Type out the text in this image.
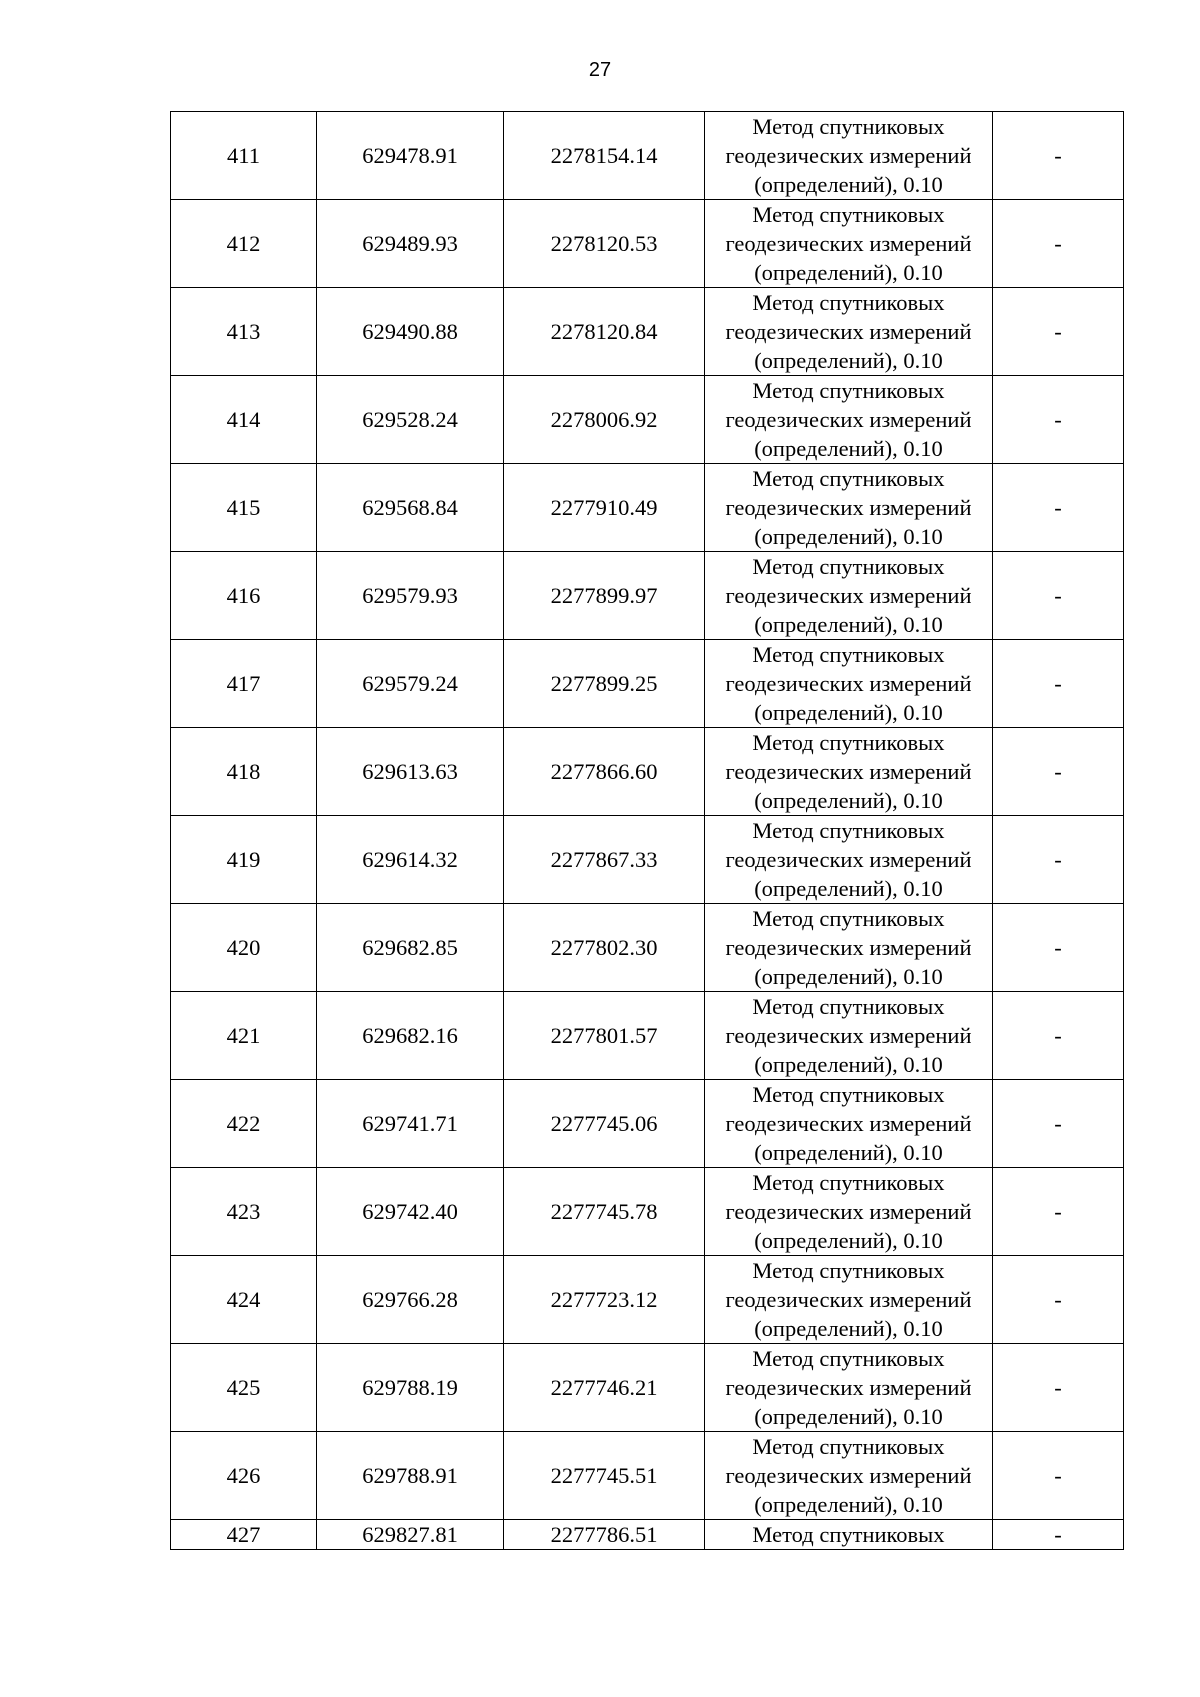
27
411	629478.91	2278154.14	Метод спутниковых
геодезических измерений
(определений), 0.10	-
412	629489.93	2278120.53	Метод спутниковых
геодезических измерений
(определений), 0.10	-
413	629490.88	2278120.84	Метод спутниковых
геодезических измерений
(определений), 0.10	-
414	629528.24	2278006.92	Метод спутниковых
геодезических измерений
(определений), 0.10	-
415	629568.84	2277910.49	Метод спутниковых
геодезических измерений
(определений), 0.10	-
416	629579.93	2277899.97	Метод спутниковых
геодезических измерений
(определений), 0.10	-
417	629579.24	2277899.25	Метод спутниковых
геодезических измерений
(определений), 0.10	-
418	629613.63	2277866.60	Метод спутниковых
геодезических измерений
(определений), 0.10	-
419	629614.32	2277867.33	Метод спутниковых
геодезических измерений
(определений), 0.10	-
420	629682.85	2277802.30	Метод спутниковых
геодезических измерений
(определений), 0.10	-
421	629682.16	2277801.57	Метод спутниковых
геодезических измерений
(определений), 0.10	-
422	629741.71	2277745.06	Метод спутниковых
геодезических измерений
(определений), 0.10	-
423	629742.40	2277745.78	Метод спутниковых
геодезических измерений
(определений), 0.10	-
424	629766.28	2277723.12	Метод спутниковых
геодезических измерений
(определений), 0.10	-
425	629788.19	2277746.21	Метод спутниковых
геодезических измерений
(определений), 0.10	-
426	629788.91	2277745.51	Метод спутниковых
геодезических измерений
(определений), 0.10	-
427	629827.81	2277786.51	Метод спутниковых	-
